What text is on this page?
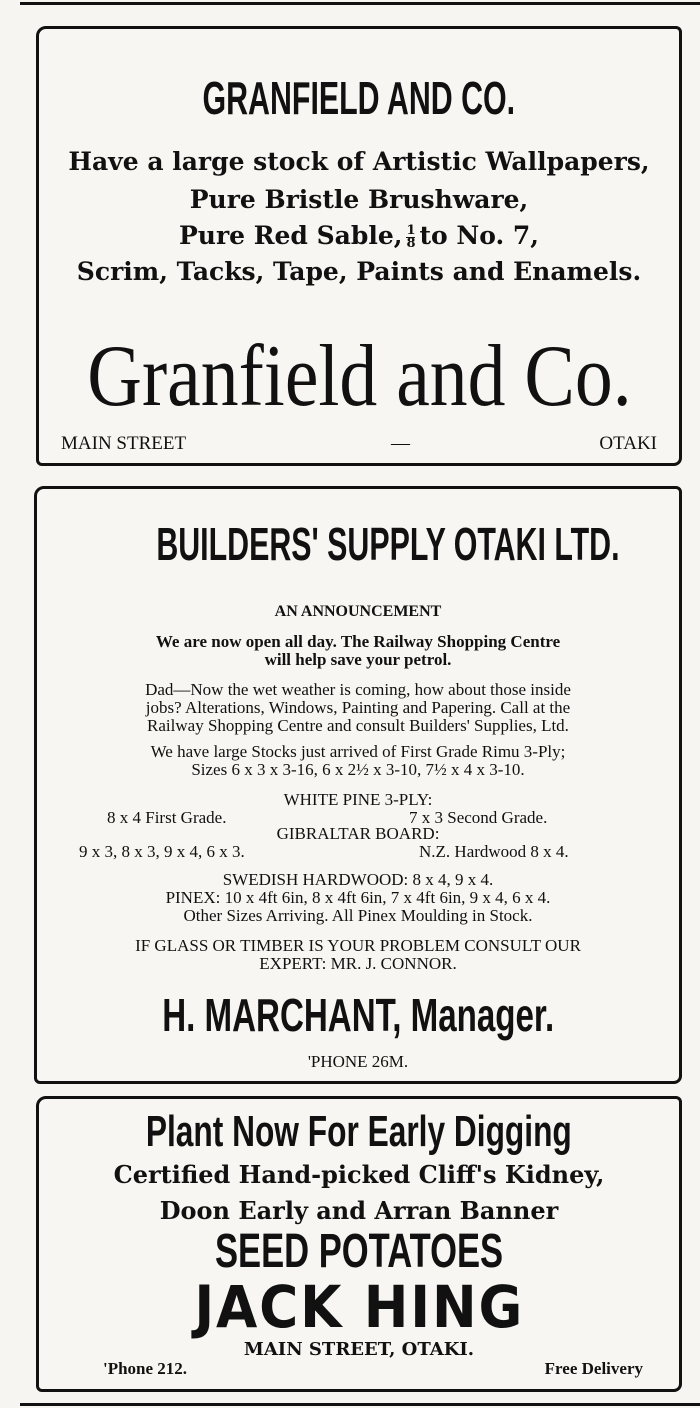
GRANFIELD AND CO.
Have a large stock of Artistic Wallpapers,
Pure Bristle Brushware,
Pure Red Sable, $\frac{1}{8}$ to No. 7,
Scrim, Tacks, Tape, Paints and Enamels.
Granfield and Co.
MAIN STREET	—	OTAKI
BUILDERS' SUPPLY OTAKI LTD.
AN ANNOUNCEMENT
We are now open all day. The Railway Shopping Centre
will help save your petrol.
Dad—Now the wet weather is coming, how about those inside
jobs? Alterations, Windows, Painting and Papering. Call at the
Railway Shopping Centre and consult Builders' Supplies, Ltd.
We have large Stocks just arrived of First Grade Rimu 3-Ply;
Sizes 6 x 3 x 3-16, 6 x 2½ x 3-10, 7½ x 4 x 3-10.
WHITE PINE 3-PLY:
8 x 4 First Grade.	7 x 3 Second Grade.
GIBRALTAR BOARD:
9 x 3, 8 x 3, 9 x 4, 6 x 3.	N.Z. Hardwood 8 x 4.
SWEDISH HARDWOOD: 8 x 4, 9 x 4.
PINEX: 10 x 4ft 6in, 8 x 4ft 6in, 7 x 4ft 6in, 9 x 4, 6 x 4.
Other Sizes Arriving. All Pinex Moulding in Stock.
IF GLASS OR TIMBER IS YOUR PROBLEM CONSULT OUR
EXPERT: MR. J. CONNOR.
H. MARCHANT, Manager.
'PHONE 26M.
Plant Now For Early Digging
Certified Hand-picked Cliff's Kidney,
Doon Early and Arran Banner
SEED POTATOES
JACK HING
MAIN STREET, OTAKI.
'Phone 212.	Free Delivery
